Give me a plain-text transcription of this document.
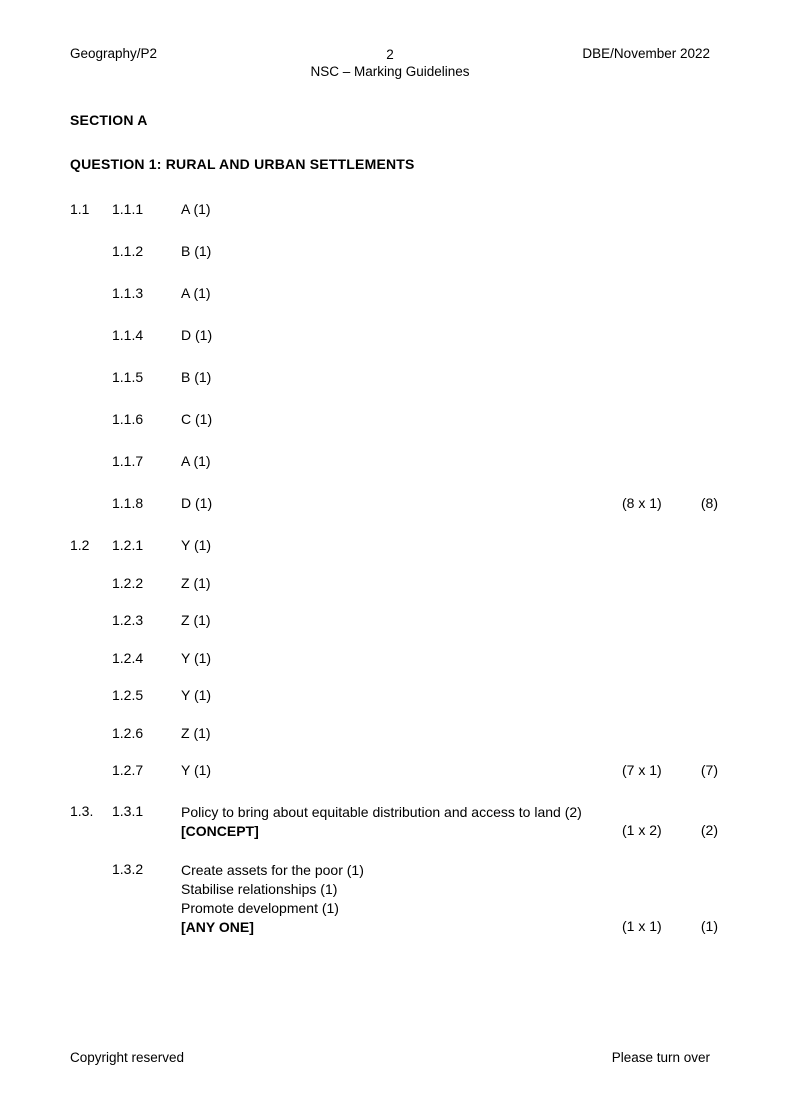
Geography/P2	2
NSC – Marking Guidelines
DBE/November 2022
SECTION A
QUESTION 1: RURAL AND URBAN SETTLEMENTS
1.1	1.1.1	A (1)
1.1.2	B (1)
1.1.3	A (1)
1.1.4	D (1)
1.1.5	B (1)
1.1.6	C (1)
1.1.7	A (1)
1.1.8	D (1)	(8 x 1)	(8)
1.2	1.2.1	Y (1)
1.2.2	Z (1)
1.2.3	Z (1)
1.2.4	Y (1)
1.2.5	Y (1)
1.2.6	Z (1)
1.2.7	Y (1)	(7 x 1)	(7)
1.3.	1.3.1	Policy to bring about equitable distribution and access to land (2)
[CONCEPT]	(1 x 2)	(2)
1.3.2	Create assets for the poor (1)
Stabilise relationships (1)
Promote development (1)
[ANY ONE]	(1 x 1)	(1)
Copyright reserved	Please turn over
